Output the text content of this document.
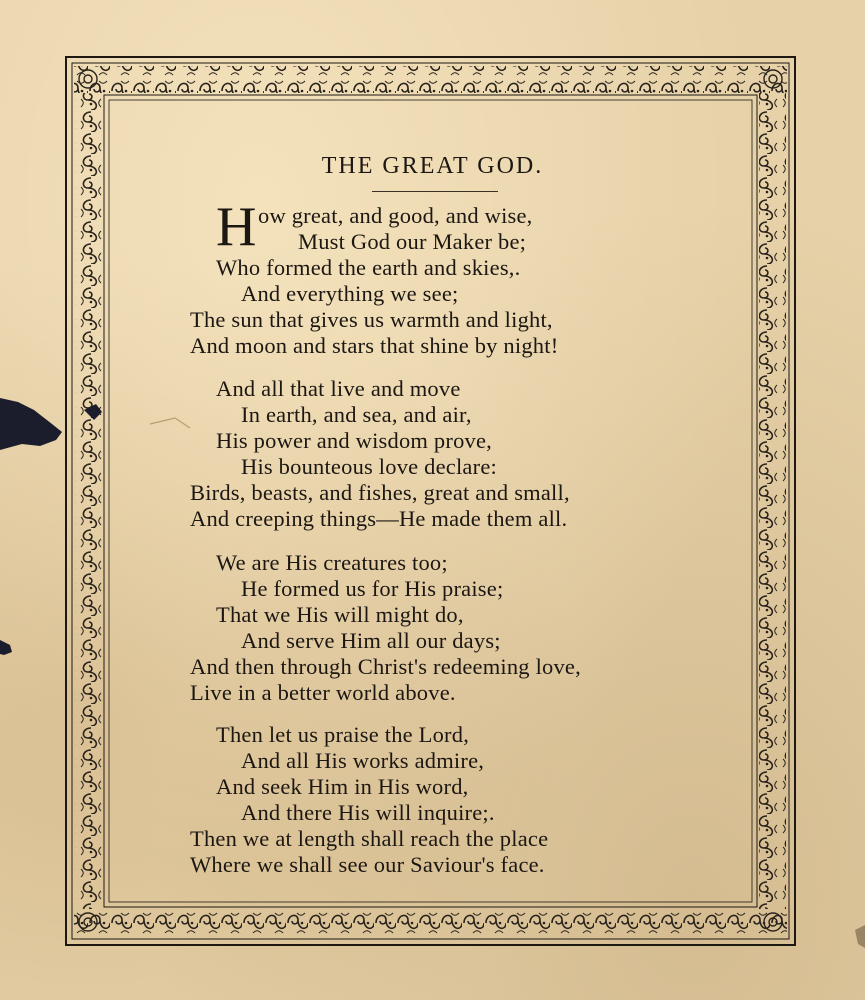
THE GREAT GOD.
H ow great, and good, and wise,
Must God our Maker be;
Who formed the earth and skies,.
And everything we see;
The sun that gives us warmth and light,
And moon and stars that shine by night!
And all that live and move
In earth, and sea, and air,
His power and wisdom prove,
His bounteous love declare:
Birds, beasts, and fishes, great and small,
And creeping things—He made them all.
We are His creatures too;
He formed us for His praise;
That we His will might do,
And serve Him all our days;
And then through Christ's redeeming love,
Live in a better world above.
Then let us praise the Lord,
And all His works admire,
And seek Him in His word,
And there His will inquire;.
Then we at length shall reach the place
Where we shall see our Saviour's face.
